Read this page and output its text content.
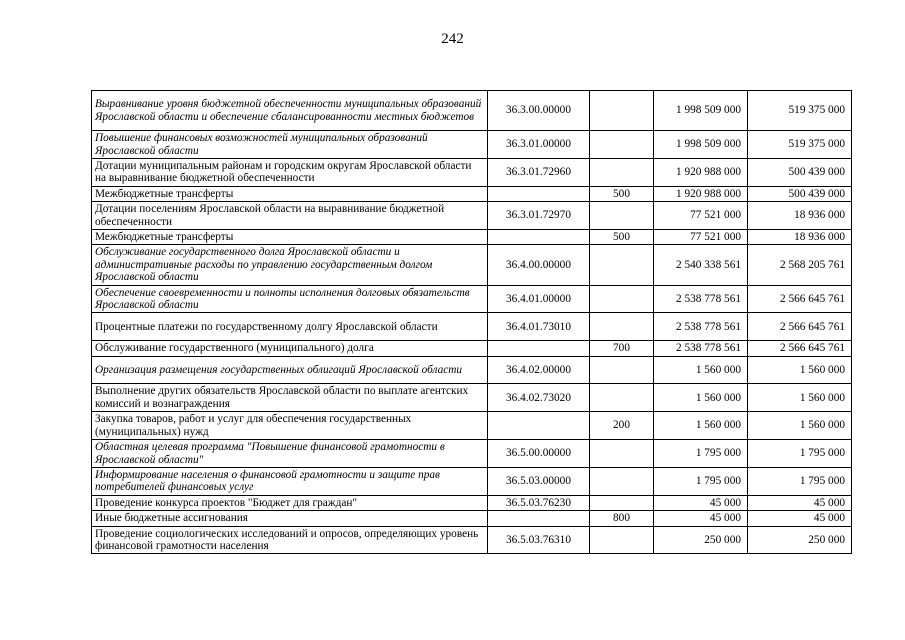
242
Выравнивание уровня бюджетной обеспеченности муниципальных образований Ярославской области и обеспечение сбалансированности местных бюджетов	36.3.00.00000		1 998 509 000	519 375 000
Повышение финансовых возможностей муниципальных образований Ярославской области	36.3.01.00000		1 998 509 000	519 375 000
Дотации муниципальным районам и городским округам Ярославской области на выравнивание бюджетной обеспеченности	36.3.01.72960		1 920 988 000	500 439 000
Межбюджетные трансферты		500	1 920 988 000	500 439 000
Дотации поселениям Ярославской области на выравнивание бюджетной обеспеченности	36.3.01.72970		77 521 000	18 936 000
Межбюджетные трансферты		500	77 521 000	18 936 000
Обслуживание государственного долга Ярославской области и административные расходы по управлению государственным долгом Ярославской области	36.4.00.00000		2 540 338 561	2 568 205 761
Обеспечение своевременности и полноты исполнения долговых обязательств Ярославской области	36.4.01.00000		2 538 778 561	2 566 645 761
Процентные платежи по государственному долгу Ярославской области	36.4.01.73010		2 538 778 561	2 566 645 761
Обслуживание государственного (муниципального) долга		700	2 538 778 561	2 566 645 761
Организация размещения государственных облигаций Ярославской области	36.4.02.00000		1 560 000	1 560 000
Выполнение других обязательств Ярославской области по выплате агентских комиссий и вознаграждения	36.4.02.73020		1 560 000	1 560 000
Закупка товаров, работ и услуг для обеспечения государственных (муниципальных) нужд		200	1 560 000	1 560 000
Областная целевая программа "Повышение финансовой грамотности в Ярославской области"	36.5.00.00000		1 795 000	1 795 000
Информирование населения о финансовой грамотности и защите прав потребителей финансовых услуг	36.5.03.00000		1 795 000	1 795 000
Проведение конкурса проектов "Бюджет для граждан"	36.5.03.76230		45 000	45 000
Иные бюджетные ассигнования		800	45 000	45 000
Проведение социологических исследований и опросов, определяющих уровень финансовой грамотности населения	36.5.03.76310		250 000	250 000
